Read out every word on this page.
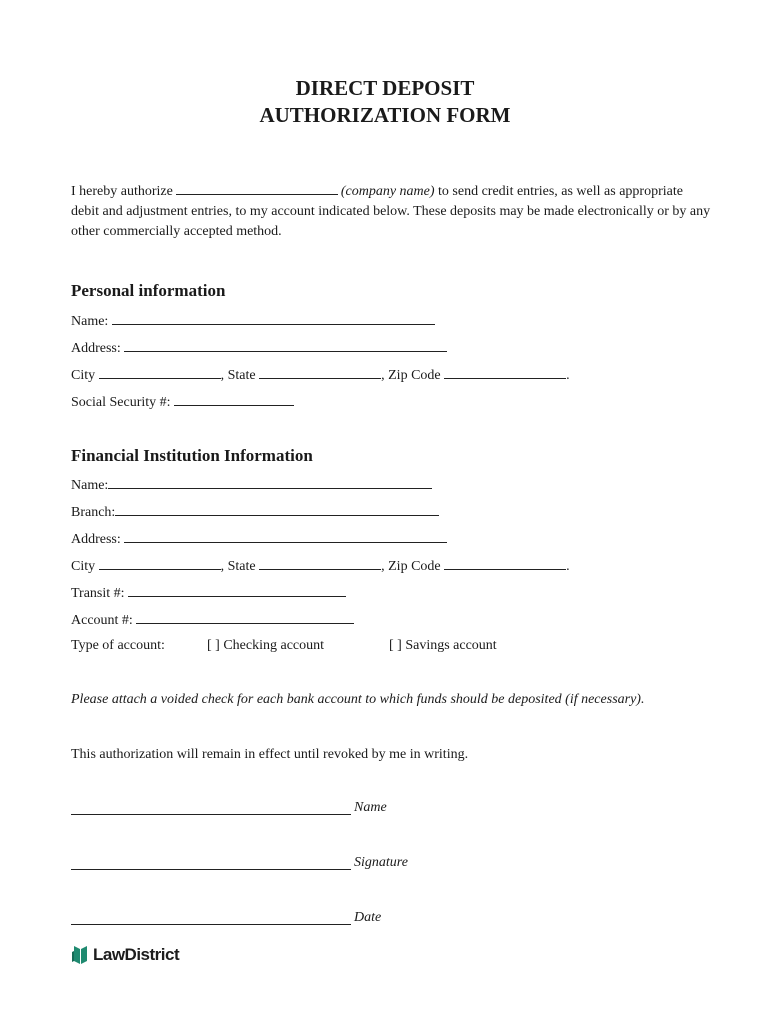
DIRECT DEPOSIT
AUTHORIZATION FORM
I hereby authorize	(company name) to send credit entries, as well as appropriate debit and adjustment entries, to my account indicated below. These deposits may be made electronically or by any other commercially accepted method.
Personal information
Name:
Address:
City	, State	, Zip Code	.
Social Security #:
Financial Institution Information
Name:
Branch:
Address:
City	, State	, Zip Code	.
Transit #:
Account #:
Type of account:	[ ] Checking account	[ ] Savings account
Please attach a voided check for each bank account to which funds should be deposited (if necessary).
This authorization will remain in effect until revoked by me in writing.
Name
Signature
Date
LawDistrict
